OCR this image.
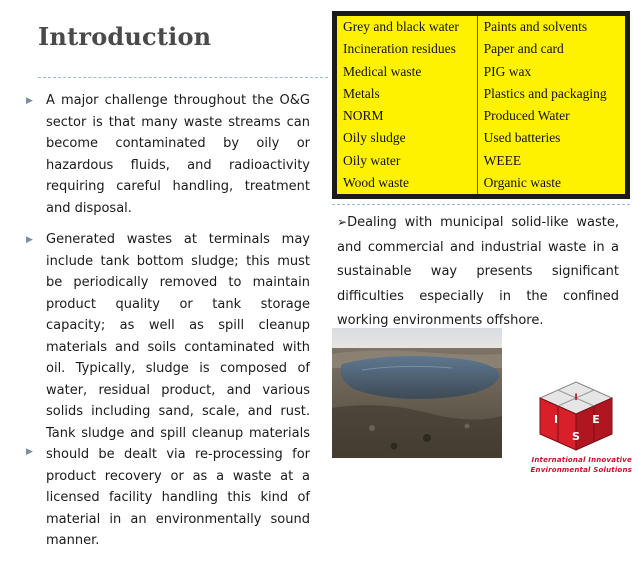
Introduction
▶	A major challenge throughout the O&G sector is that many waste streams can become contaminated by oily or hazardous fluids, and radioactivity requiring careful handling, treatment and disposal.
▶	Generated wastes at terminals may include tank bottom sludge; this must be periodically removed to maintain product quality or tank storage capacity; as well as spill cleanup materials and soils contaminated with oil. Typically, sludge is composed of water, residual product, and various solids including sand, scale, and rust. Tank sludge and spill cleanup materials should be dealt via re-processing for product recovery or as a waste at a licensed facility handling this kind of material in an environmentally sound manner.
▶
Grey and black water	Paints and solvents
Incineration residues	Paper and card
Medical waste	PIG wax
Metals	Plastics and packaging
NORM	Produced Water
Oily sludge	Used batteries
Oily water	WEEE
Wood waste	Organic waste
➢Dealing with municipal solid-like waste, and commercial and industrial waste in a sustainable way presents significant difficulties especially in the confined working environments offshore.
I
I	E
S
International Innovative
Environmental Solutions
